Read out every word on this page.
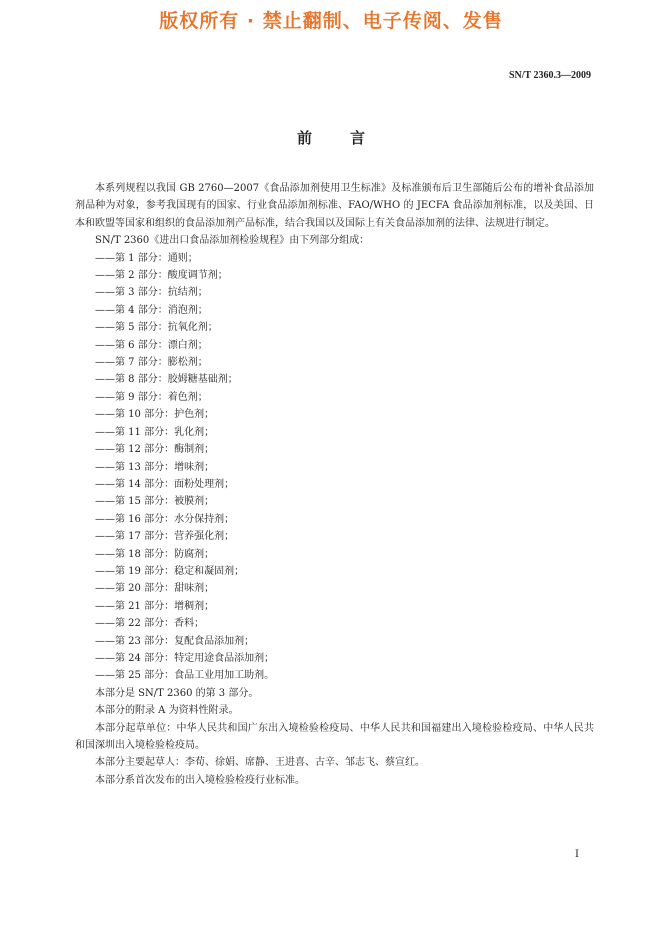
版权所有 · 禁止翻制、电子传阅、发售
SN/T 2360.3—2009
前言

本系列规程以我国 GB 2760—2007《食品添加剂使用卫生标准》及标准颁布后卫生部随后公布的增补食品添加剂品种为对象，参考我国现有的国家、行业食品添加剂标准、FAO/WHO 的 JECFA 食品添加剂标准，以及美国、日本和欧盟等国家和组织的食品添加剂产品标准，结合我国以及国际上有关食品添加剂的法律、法规进行制定。

SN/T 2360《进出口食品添加剂检验规程》由下列部分组成：

——第 1 部分：通则；

——第 2 部分：酸度调节剂；

——第 3 部分：抗结剂；

——第 4 部分：消泡剂；

——第 5 部分：抗氧化剂；

——第 6 部分：漂白剂；

——第 7 部分：膨松剂；

——第 8 部分：胶姆糖基础剂；

——第 9 部分：着色剂；

——第 10 部分：护色剂；

——第 11 部分：乳化剂；

——第 12 部分：酶制剂；

——第 13 部分：增味剂；

——第 14 部分：面粉处理剂；

——第 15 部分：被膜剂；

——第 16 部分：水分保持剂；

——第 17 部分：营养强化剂；

——第 18 部分：防腐剂；

——第 19 部分：稳定和凝固剂；

——第 20 部分：甜味剂；

——第 21 部分：增稠剂；

——第 22 部分：香料；

——第 23 部分：复配食品添加剂；

——第 24 部分：特定用途食品添加剂；

——第 25 部分：食品工业用加工助剂。

本部分是 SN/T 2360 的第 3 部分。

本部分的附录 A 为资料性附录。

本部分起草单位：中华人民共和国广东出入境检验检疫局、中华人民共和国福建出入境检验检疫局、中华人民共和国深圳出入境检验检疫局。

本部分主要起草人：李荀、徐娟、席静、王进喜、古辛、邹志飞、蔡宣红。

本部分系首次发布的出入境检验检疫行业标准。

I
